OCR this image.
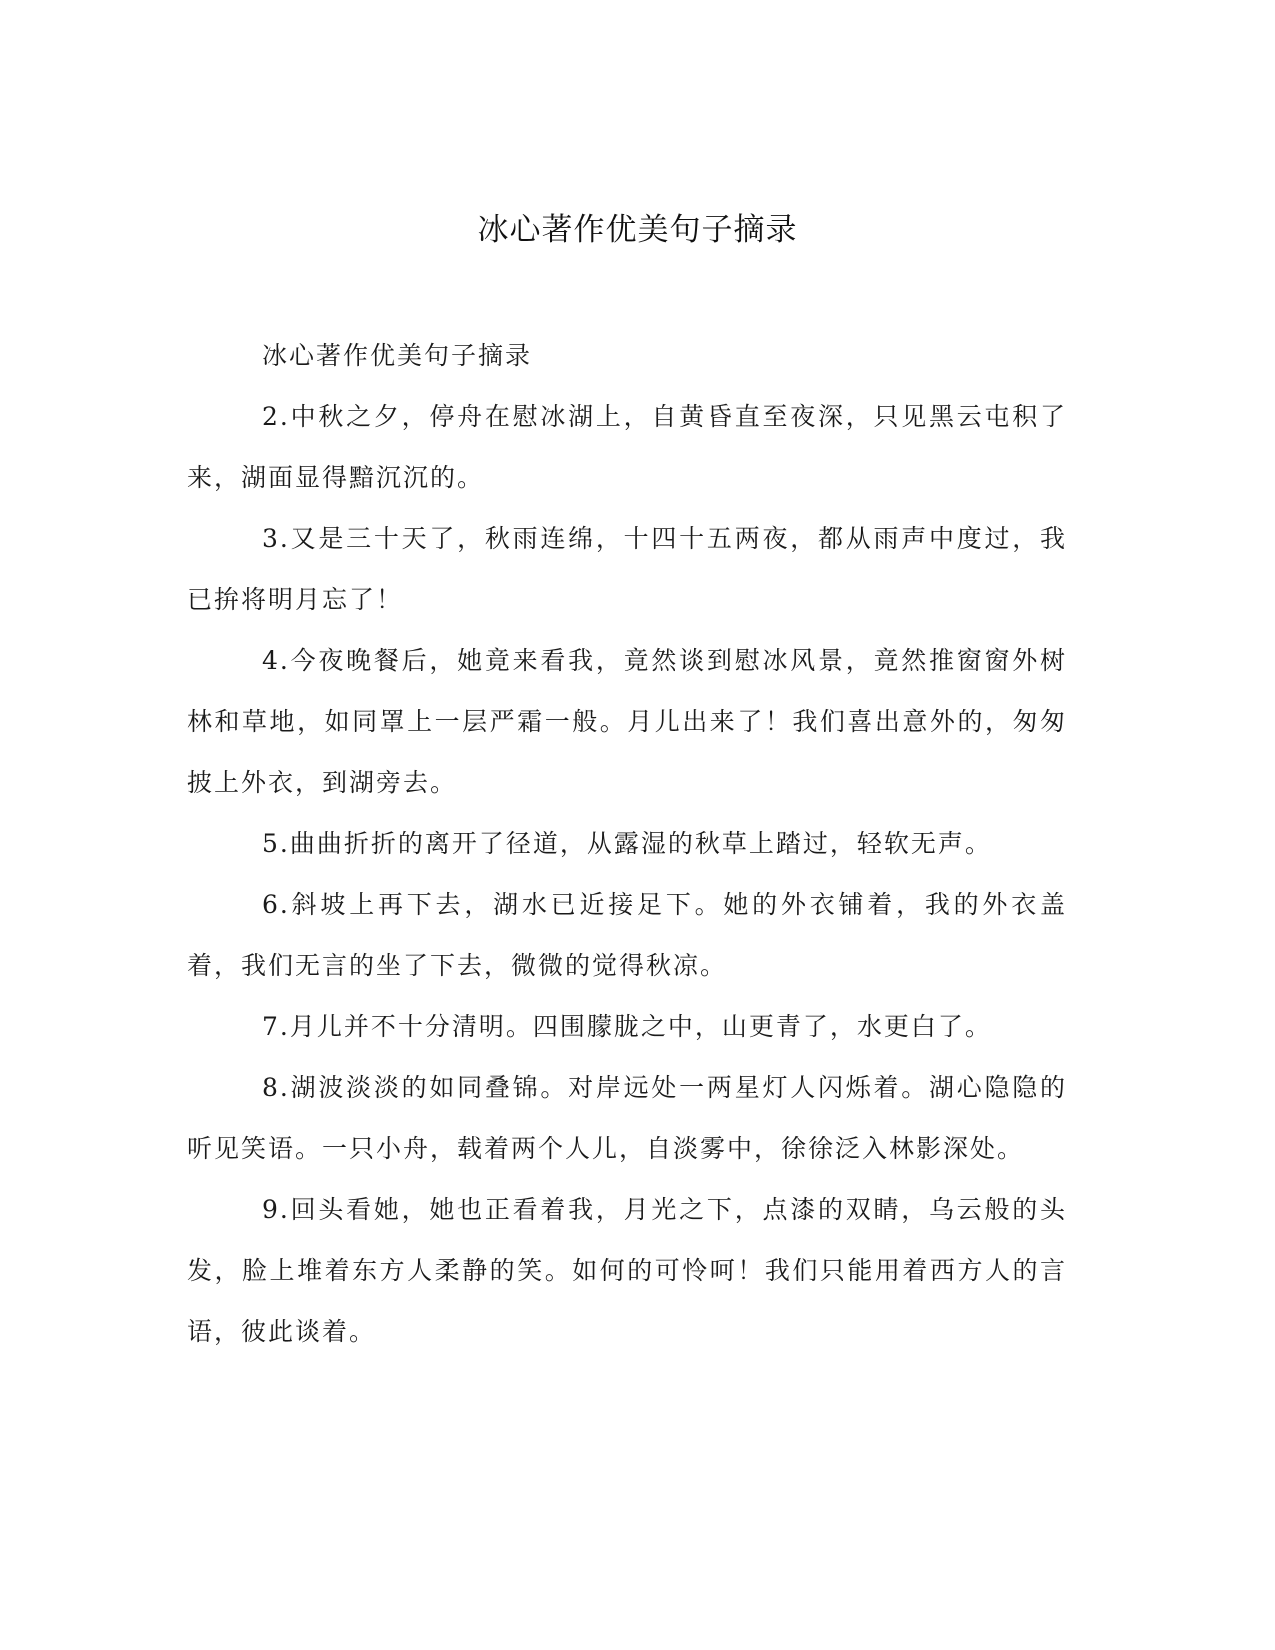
冰心著作优美句子摘录

冰心著作优美句子摘录

2.中秋之夕，停舟在慰冰湖上，自黄昏直至夜深，只见黑云屯积了来，湖面显得黯沉沉的。

3.又是三十天了，秋雨连绵，十四十五两夜，都从雨声中度过，我已拚将明月忘了！

4.今夜晚餐后，她竟来看我，竟然谈到慰冰风景，竟然推窗窗外树林和草地，如同罩上一层严霜一般。月儿出来了！我们喜出意外的，匆匆披上外衣，到湖旁去。

5.曲曲折折的离开了径道，从露湿的秋草上踏过，轻软无声。

6.斜坡上再下去，湖水已近接足下。她的外衣铺着，我的外衣盖着，我们无言的坐了下去，微微的觉得秋凉。

7.月儿并不十分清明。四围朦胧之中，山更青了，水更白了。

8.湖波淡淡的如同叠锦。对岸远处一两星灯人闪烁着。湖心隐隐的听见笑语。一只小舟，载着两个人儿，自淡雾中，徐徐泛入林影深处。

9.回头看她，她也正看着我，月光之下，点漆的双睛，乌云般的头发，脸上堆着东方人柔静的笑。如何的可怜呵！我们只能用着西方人的言语，彼此谈着。
